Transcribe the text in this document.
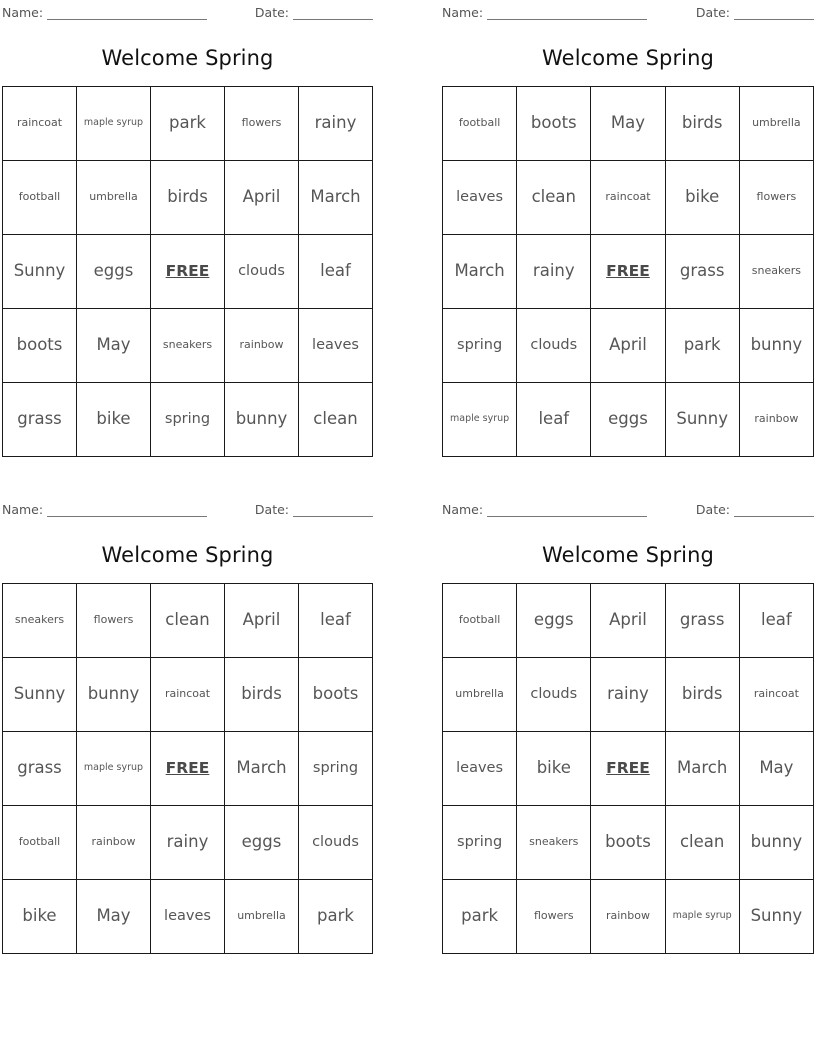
Name:	Date:
Welcome Spring
raincoat	maple syrup	park	flowers	rainy
football	umbrella	birds	April	March
Sunny	eggs	FREE	clouds	leaf
boots	May	sneakers	rainbow	leaves
grass	bike	spring	bunny	clean
Name:	Date:
Welcome Spring
football	boots	May	birds	umbrella
leaves	clean	raincoat	bike	flowers
March	rainy	FREE	grass	sneakers
spring	clouds	April	park	bunny
maple syrup	leaf	eggs	Sunny	rainbow
Name:	Date:
Welcome Spring
sneakers	flowers	clean	April	leaf
Sunny	bunny	raincoat	birds	boots
grass	maple syrup	FREE	March	spring
football	rainbow	rainy	eggs	clouds
bike	May	leaves	umbrella	park
Name:	Date:
Welcome Spring
football	eggs	April	grass	leaf
umbrella	clouds	rainy	birds	raincoat
leaves	bike	FREE	March	May
spring	sneakers	boots	clean	bunny
park	flowers	rainbow	maple syrup	Sunny
